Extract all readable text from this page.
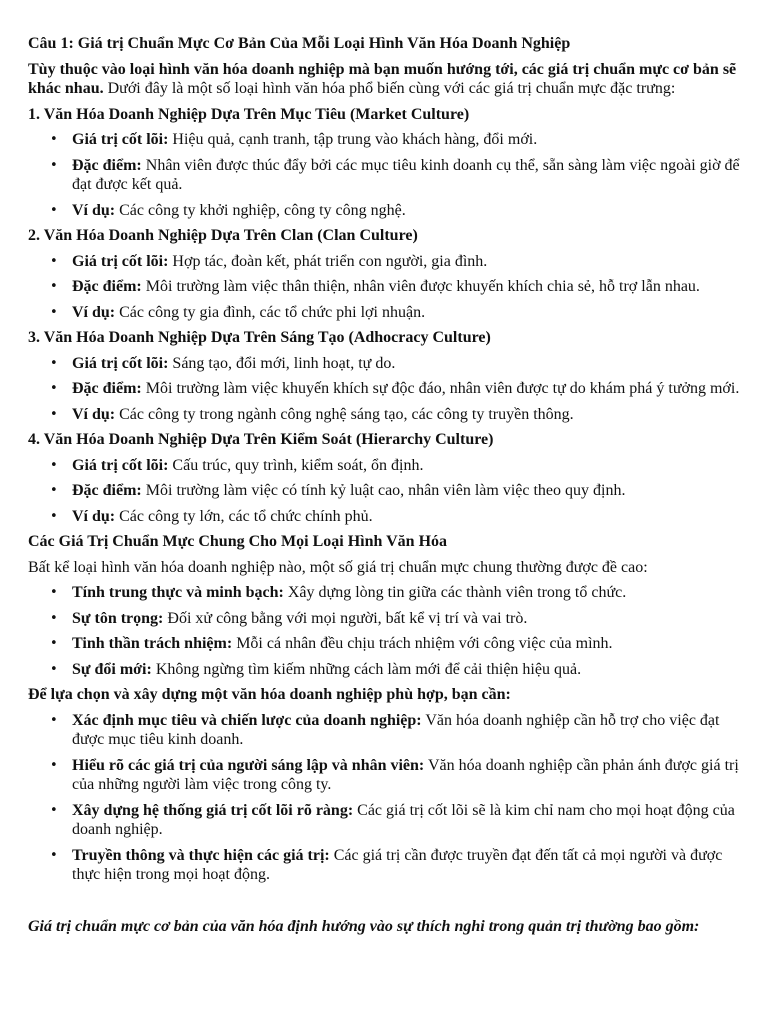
Câu 1: Giá trị Chuẩn Mực Cơ Bản Của Mỗi Loại Hình Văn Hóa Doanh Nghiệp

Tùy thuộc vào loại hình văn hóa doanh nghiệp mà bạn muốn hướng tới, các giá trị chuẩn mực cơ bản sẽ khác nhau. Dưới đây là một số loại hình văn hóa phổ biến cùng với các giá trị chuẩn mực đặc trưng:

1. Văn Hóa Doanh Nghiệp Dựa Trên Mục Tiêu (Market Culture)

• Giá trị cốt lõi: Hiệu quả, cạnh tranh, tập trung vào khách hàng, đổi mới.
• Đặc điểm: Nhân viên được thúc đẩy bởi các mục tiêu kinh doanh cụ thể, sẵn sàng làm việc ngoài giờ để đạt được kết quả.
• Ví dụ: Các công ty khởi nghiệp, công ty công nghệ.

2. Văn Hóa Doanh Nghiệp Dựa Trên Clan (Clan Culture)

• Giá trị cốt lõi: Hợp tác, đoàn kết, phát triển con người, gia đình.
• Đặc điểm: Môi trường làm việc thân thiện, nhân viên được khuyến khích chia sẻ, hỗ trợ lẫn nhau.
• Ví dụ: Các công ty gia đình, các tổ chức phi lợi nhuận.

3. Văn Hóa Doanh Nghiệp Dựa Trên Sáng Tạo (Adhocracy Culture)

• Giá trị cốt lõi: Sáng tạo, đổi mới, linh hoạt, tự do.
• Đặc điểm: Môi trường làm việc khuyến khích sự độc đáo, nhân viên được tự do khám phá ý tưởng mới.
• Ví dụ: Các công ty trong ngành công nghệ sáng tạo, các công ty truyền thông.

4. Văn Hóa Doanh Nghiệp Dựa Trên Kiểm Soát (Hierarchy Culture)

• Giá trị cốt lõi: Cấu trúc, quy trình, kiểm soát, ổn định.
• Đặc điểm: Môi trường làm việc có tính kỷ luật cao, nhân viên làm việc theo quy định.
• Ví dụ: Các công ty lớn, các tổ chức chính phủ.

Các Giá Trị Chuẩn Mực Chung Cho Mọi Loại Hình Văn Hóa

Bất kể loại hình văn hóa doanh nghiệp nào, một số giá trị chuẩn mực chung thường được đề cao:

• Tính trung thực và minh bạch: Xây dựng lòng tin giữa các thành viên trong tổ chức.
• Sự tôn trọng: Đối xử công bằng với mọi người, bất kể vị trí và vai trò.
• Tinh thần trách nhiệm: Mỗi cá nhân đều chịu trách nhiệm với công việc của mình.
• Sự đổi mới: Không ngừng tìm kiếm những cách làm mới để cải thiện hiệu quả.

Để lựa chọn và xây dựng một văn hóa doanh nghiệp phù hợp, bạn cần:

• Xác định mục tiêu và chiến lược của doanh nghiệp: Văn hóa doanh nghiệp cần hỗ trợ cho việc đạt được mục tiêu kinh doanh.
• Hiểu rõ các giá trị của người sáng lập và nhân viên: Văn hóa doanh nghiệp cần phản ánh được giá trị của những người làm việc trong công ty.
• Xây dựng hệ thống giá trị cốt lõi rõ ràng: Các giá trị cốt lõi sẽ là kim chỉ nam cho mọi hoạt động của doanh nghiệp.
• Truyền thông và thực hiện các giá trị: Các giá trị cần được truyền đạt đến tất cả mọi người và được thực hiện trong mọi hoạt động.

Giá trị chuẩn mực cơ bản của văn hóa định hướng vào sự thích nghi trong quản trị thường bao gồm:
